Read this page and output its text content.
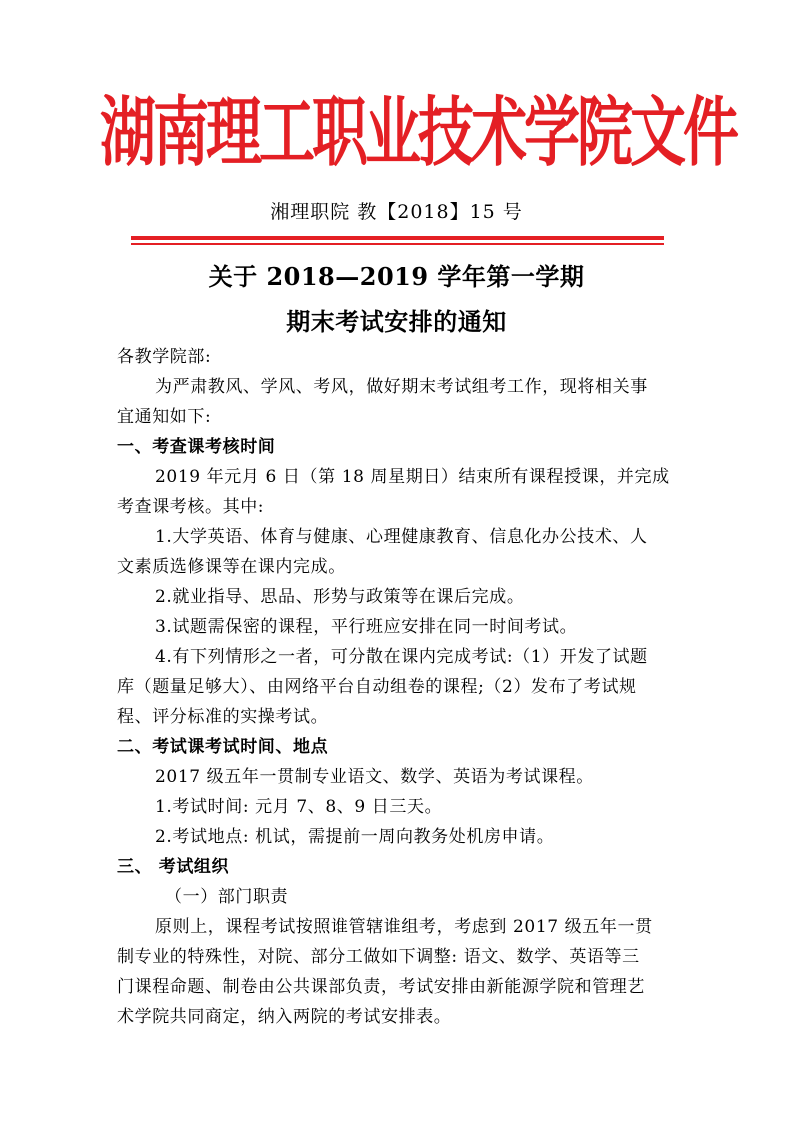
湖南理工职业技术学院文件
湘理职院 教【2018】15 号
关于 2018—2019 学年第一学期
期末考试安排的通知
各教学院部:
为严肃教风、学风、考风，做好期末考试组考工作，现将相关事
宜通知如下:
一、考查课考核时间
2019 年元月 6 日（第 18 周星期日）结束所有课程授课，并完成
考查课考核。其中:
1.大学英语、体育与健康、心理健康教育、信息化办公技术、人
文素质选修课等在课内完成。
2.就业指导、思品、形势与政策等在课后完成。
3.试题需保密的课程，平行班应安排在同一时间考试。
4.有下列情形之一者，可分散在课内完成考试:（1）开发了试题
库（题量足够大）、由网络平台自动组卷的课程;（2）发布了考试规
程、评分标准的实操考试。
二、考试课考试时间、地点
2017 级五年一贯制专业语文、数学、英语为考试课程。
1.考试时间: 元月 7、8、9 日三天。
2.考试地点: 机试，需提前一周向教务处机房申请。
三、 考试组织
（一）部门职责
原则上，课程考试按照谁管辖谁组考，考虑到 2017 级五年一贯
制专业的特殊性，对院、部分工做如下调整: 语文、数学、英语等三
门课程命题、制卷由公共课部负责，考试安排由新能源学院和管理艺
术学院共同商定，纳入两院的考试安排表。
